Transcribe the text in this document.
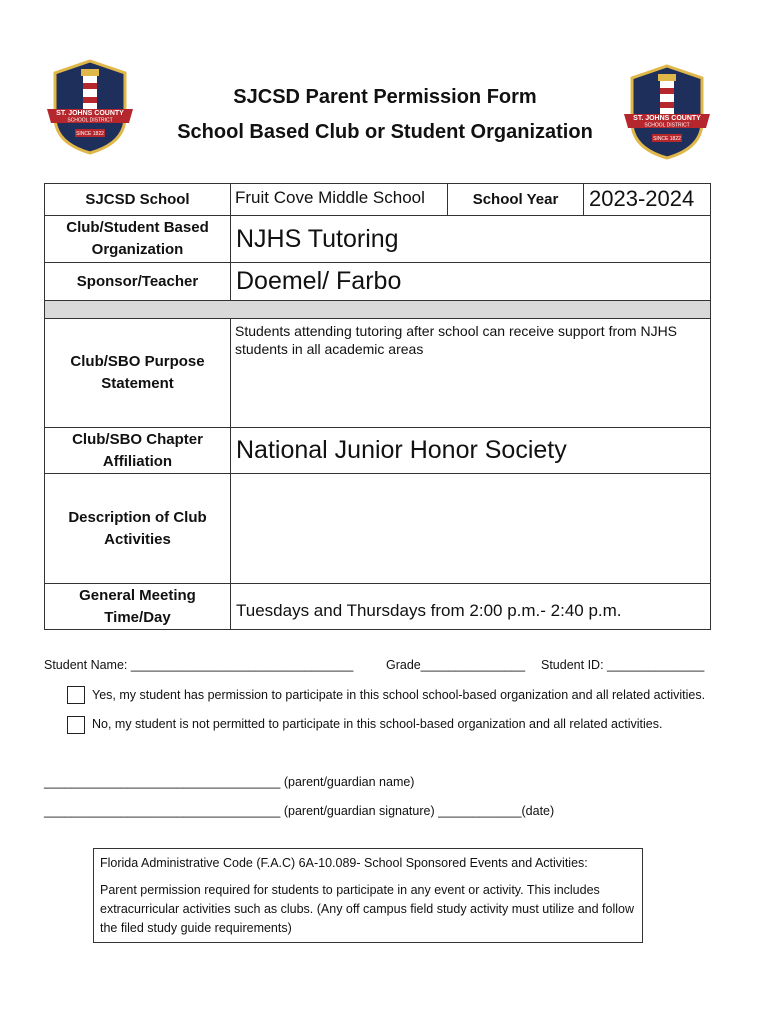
ST. JOHNS COUNTY
SCHOOL DISTRICT
SINCE 1822
ST. JOHNS COUNTY
SCHOOL DISTRICT
SINCE 1822
SJCSD Parent Permission Form
School Based Club or Student Organization
SJCSD School	Fruit Cove Middle School	School Year	2023-2024
Club/Student Based Organization	NJHS Tutoring		
Sponsor/Teacher	Doemel/ Farbo		

Club/SBO Purpose Statement	Students attending tutoring after school can receive support from NJHS students in all academic areas		
Club/SBO Chapter Affiliation	National Junior Honor Society		
Description of Club Activities			
General Meeting Time/Day	Tuesdays and Thursdays from 2:00 p.m.- 2:40 p.m.		
Student Name: ________________________________	Grade_______________ Student ID: ______________
Yes, my student has permission to participate in this school school-based organization and all related activities.
No, my student is not permitted to participate in this school-based organization and all related activities.
__________________________________ (parent/guardian name)
__________________________________ (parent/guardian signature) ____________(date)
Florida Administrative Code (F.A.C) 6A-10.089- School Sponsored Events and Activities:
Parent permission required for students to participate in any event or activity. This includes extracurricular activities such as clubs. (Any off campus field study activity must utilize and follow the filed study guide requirements)
